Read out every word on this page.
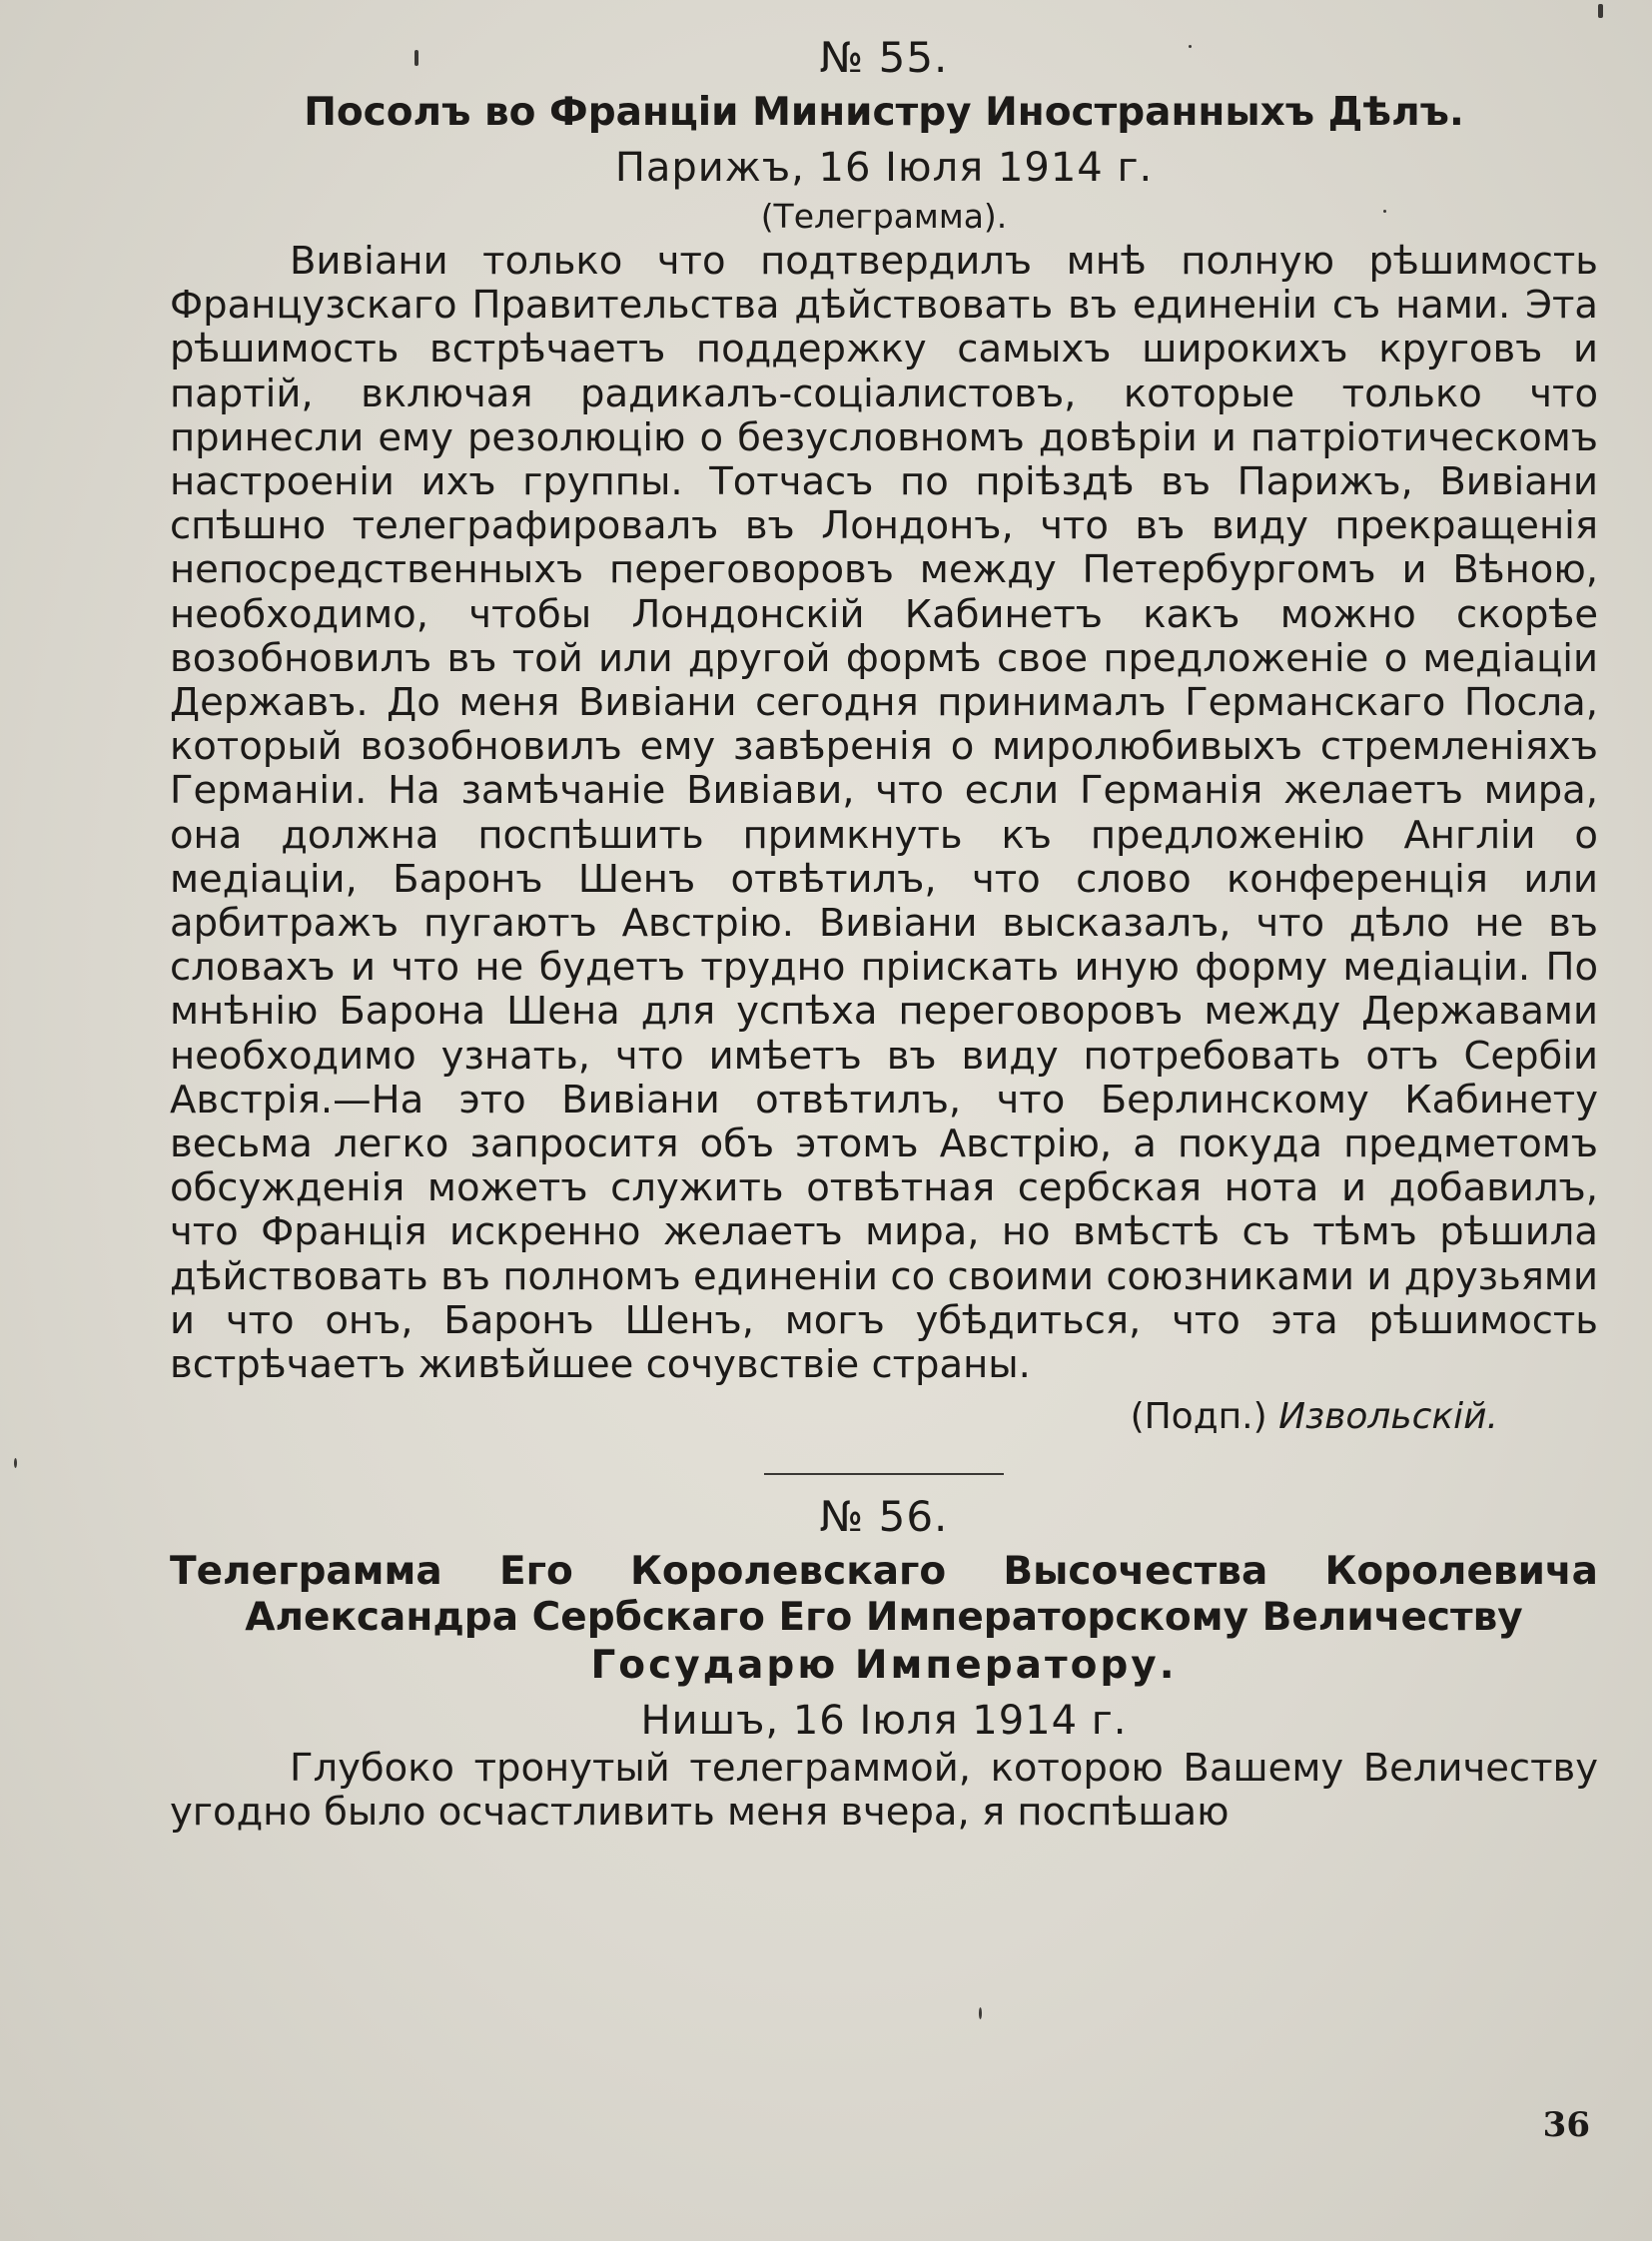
№ 55.
Посолъ во Франціи Министру Иностранныхъ Дѣлъ.
Парижъ, 16 Іюля 1914 г.
(Телеграмма).

Вивіани только что подтвердилъ мнѣ полную рѣшимость Французскаго Правительства дѣйствовать въ единеніи съ нами. Эта рѣшимость встрѣчаетъ поддержку самыхъ широкихъ круговъ и партій, включая радикалъ-соціалистовъ, которые только что принесли ему резолюцію о безусловномъ довѣріи и патріотическомъ настроеніи ихъ группы. Тотчасъ по пріѣздѣ въ Парижъ, Вивіани спѣшно телеграфировалъ въ Лондонъ, что въ виду прекращенія непосредственныхъ переговоровъ между Петербургомъ и Вѣною, необходимо, чтобы Лондонскій Кабинетъ какъ можно скорѣе возобновилъ въ той или другой формѣ свое предложеніе о медіаціи Державъ. До меня Вивіани сегодня принималъ Германскаго Посла, который возобновилъ ему завѣренія о миролюбивыхъ стремленіяхъ Германіи. На замѣчаніе Вивіави, что если Германія желаетъ мира, она должна поспѣшить примкнуть къ предложенію Англіи о медіаціи, Баронъ Шенъ отвѣтилъ, что слово конференція или арбитражъ пугаютъ Австрію. Вивіани высказалъ, что дѣло не въ словахъ и что не будетъ трудно пріискать иную форму медіаціи. По мнѣнію Барона Шена для успѣха переговоровъ между Державами необходимо узнать, что имѣетъ въ виду потребовать отъ Сербіи Австрія.—На это Вивіани отвѣтилъ, что Берлинскому Кабинету весьма легко запроситя объ этомъ Австрію, а покуда предметомъ обсужденія можетъ служить отвѣтная сербская нота и добавилъ, что Франція искренно желаетъ мира, но вмѣстѣ съ тѣмъ рѣшила дѣйствовать въ полномъ единеніи со своими союзниками и друзьями и что онъ, Баронъ Шенъ, могъ убѣдиться, что эта рѣшимость встрѣчаетъ живѣйшее сочувствіе страны.

(Подп.) Извольскій.
№ 56.
Телеграмма Его Королевскаго Высочества Королевича Александра Сербскаго Его Императорскому Величеству
Государю Императору.
Нишъ, 16 Іюля 1914 г.

Глубоко тронутый телеграммой, которою Вашему Величеству угодно было осчастливить меня вчера, я поспѣшаю

36
